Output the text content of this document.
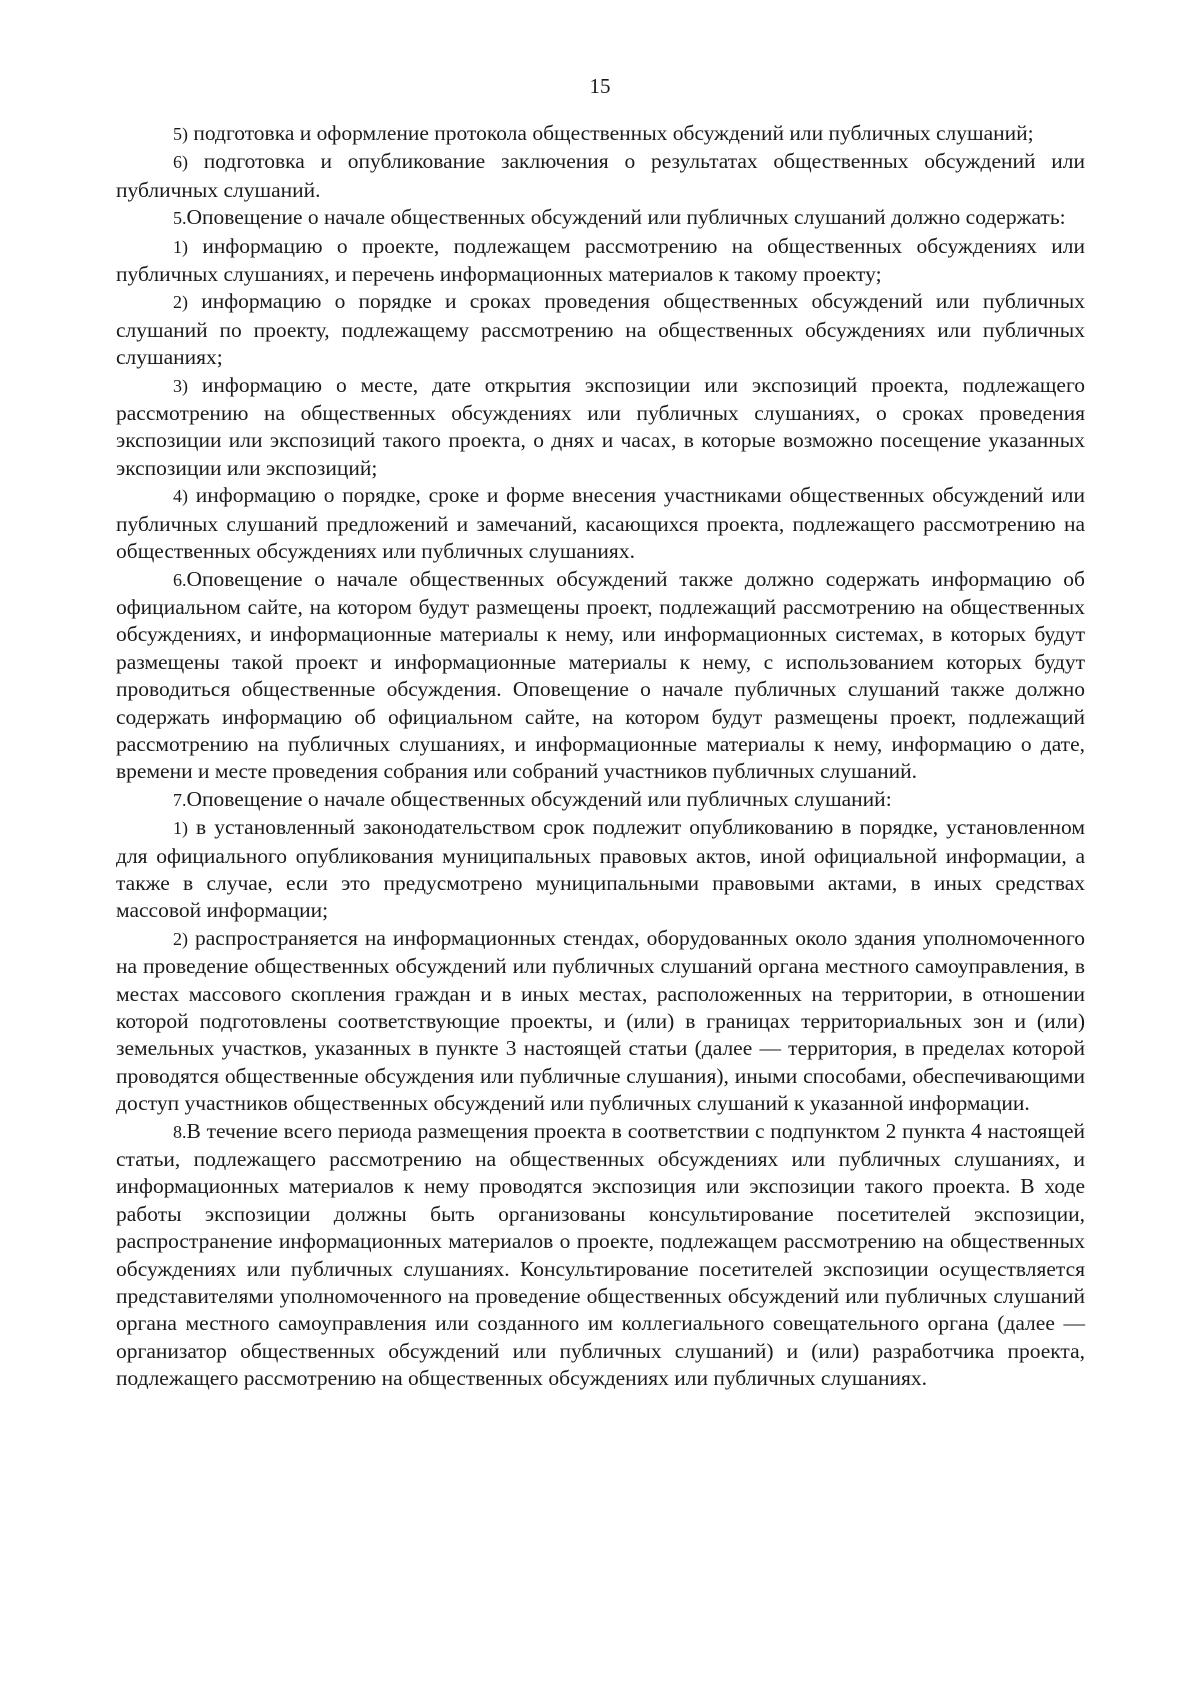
15

5) подготовка и оформление протокола общественных обсуждений или публичных слушаний;

6) подготовка и опубликование заключения о результатах общественных обсуждений или публичных слушаний.

5.Оповещение о начале общественных обсуждений или публичных слушаний должно содержать:

1) информацию о проекте, подлежащем рассмотрению на общественных обсуждениях или публичных слушаниях, и перечень информационных материалов к такому проекту;

2) информацию о порядке и сроках проведения общественных обсуждений или публичных слушаний по проекту, подлежащему рассмотрению на общественных обсуждениях или публичных слушаниях;

3) информацию о месте, дате открытия экспозиции или экспозиций проекта, подлежащего рассмотрению на общественных обсуждениях или публичных слушаниях, о сроках проведения экспозиции или экспозиций такого проекта, о днях и часах, в которые возможно посещение указанных экспозиции или экспозиций;

4) информацию о порядке, сроке и форме внесения участниками общественных обсуждений или публичных слушаний предложений и замечаний, касающихся проекта, подлежащего рассмотрению на общественных обсуждениях или публичных слушаниях.

6.Оповещение о начале общественных обсуждений также должно содержать информацию об официальном сайте, на котором будут размещены проект, подлежащий рассмотрению на общественных обсуждениях, и информационные материалы к нему, или информационных системах, в которых будут размещены такой проект и информационные материалы к нему, с использованием которых будут проводиться общественные обсуждения. Оповещение о начале публичных слушаний также должно содержать информацию об официальном сайте, на котором будут размещены проект, подлежащий рассмотрению на публичных слушаниях, и информационные материалы к нему, информацию о дате, времени и месте проведения собрания или собраний участников публичных слушаний.

7.Оповещение о начале общественных обсуждений или публичных слушаний:

1) в установленный законодательством срок подлежит опубликованию в порядке, установленном для официального опубликования муниципальных правовых актов, иной официальной информации, а также в случае, если это предусмотрено муниципальными правовыми актами, в иных средствах массовой информации;

2) распространяется на информационных стендах, оборудованных около здания уполномоченного на проведение общественных обсуждений или публичных слушаний органа местного самоуправления, в местах массового скопления граждан и в иных местах, расположенных на территории, в отношении которой подготовлены соответствующие проекты, и (или) в границах территориальных зон и (или) земельных участков, указанных в пункте 3 настоящей статьи (далее — территория, в пределах которой проводятся общественные обсуждения или публичные слушания), иными способами, обеспечивающими доступ участников общественных обсуждений или публичных слушаний к указанной информации.

8.В течение всего периода размещения проекта в соответствии с подпунктом 2 пункта 4 настоящей статьи, подлежащего рассмотрению на общественных обсуждениях или публичных слушаниях, и информационных материалов к нему проводятся экспозиция или экспозиции такого проекта. В ходе работы экспозиции должны быть организованы консультирование посетителей экспозиции, распространение информационных материалов о проекте, подлежащем рассмотрению на общественных обсуждениях или публичных слушаниях. Консультирование посетителей экспозиции осуществляется представителями уполномоченного на проведение общественных обсуждений или публичных слушаний органа местного самоуправления или созданного им коллегиального совещательного органа (далее — организатор общественных обсуждений или публичных слушаний) и (или) разработчика проекта, подлежащего рассмотрению на общественных обсуждениях или публичных слушаниях.
